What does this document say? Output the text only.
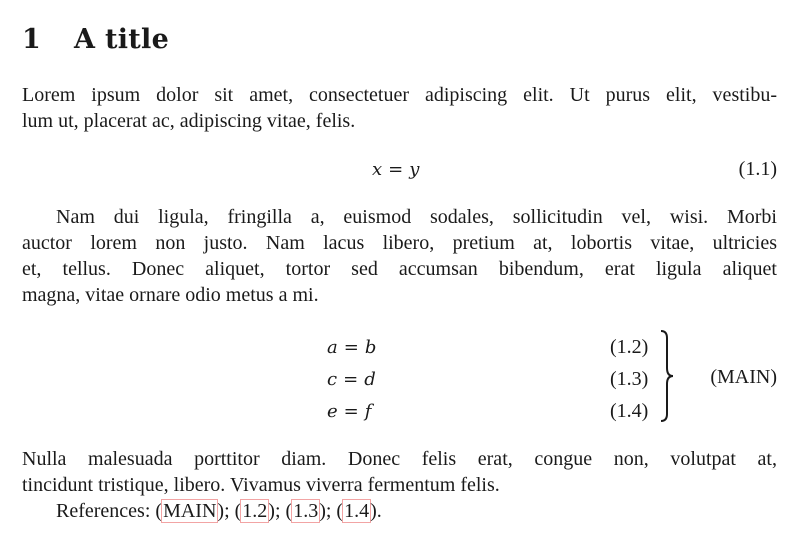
1 A title
Lorem ipsum dolor sit amet, consectetuer adipiscing elit. Ut purus elit, vestibu-
lum ut, placerat ac, adipiscing vitae, felis.
x = y	(1.1)
Nam dui ligula, fringilla a, euismod sodales, sollicitudin vel, wisi. Morbi
auctor lorem non justo. Nam lacus libero, pretium at, lobortis vitae, ultricies
et, tellus. Donec aliquet, tortor sed accumsan bibendum, erat ligula aliquet
magna, vitae ornare odio metus a mi.
a = b	(1.2)
c = d	(1.3)
e = f	(1.4)
(MAIN)
Nulla malesuada porttitor diam. Donec felis erat, congue non, volutpat at,
tincidunt tristique, libero. Vivamus viverra fermentum felis.
References: (MAIN); (1.2); (1.3); (1.4).
